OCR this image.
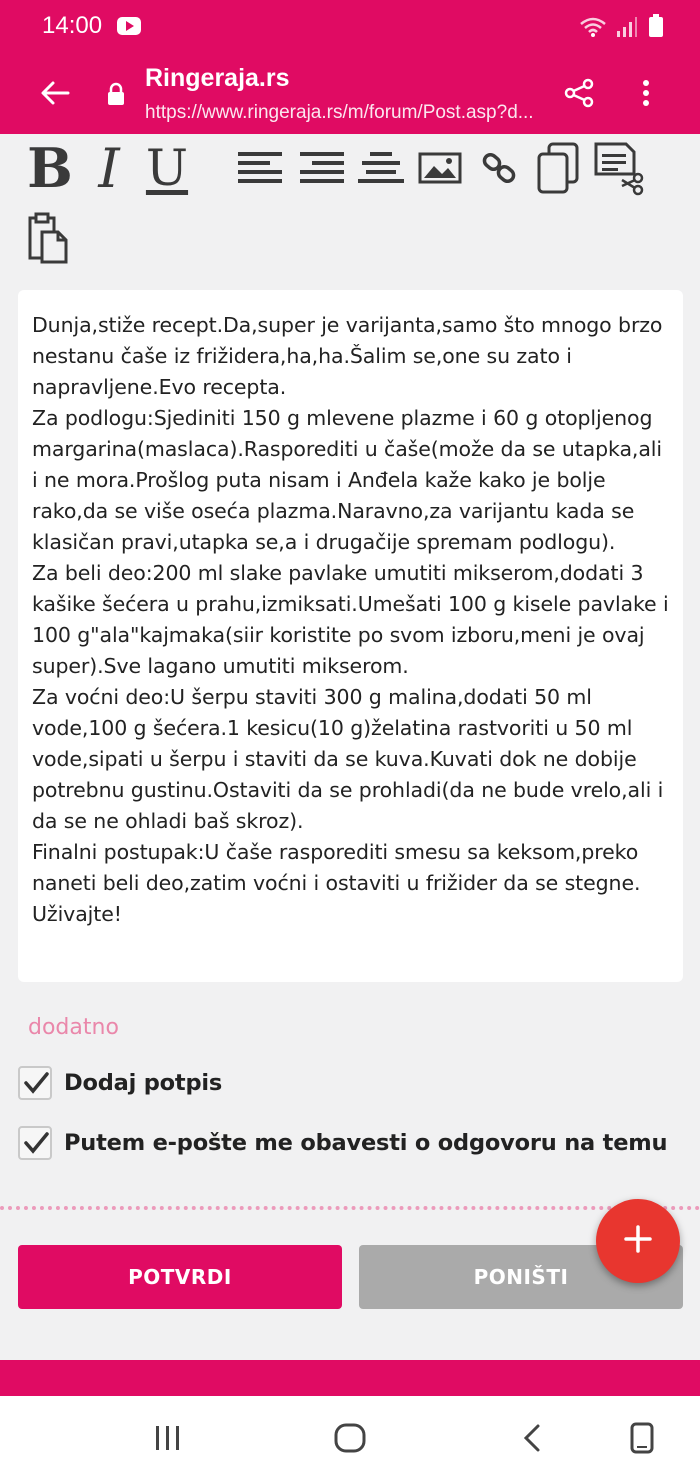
14:00
Ringeraja.rs
https://www.ringeraja.rs/m/forum/Post.asp?d...
B I U
Dunja,stiže recept.Da,super je varijanta,samo što mnogo brzo nestanu čaše iz frižidera,ha,ha.Šalim se,one su zato i napravljene.Evo recepta.
Za podlogu:Sjediniti 150 g mlevene plazme i 60 g otopljenog margarina(maslaca).Rasporediti u čaše(može da se utapka,ali i ne mora.Prošlog puta nisam i Anđela kaže kako je bolje rako,da se više oseća plazma.Naravno,za varijantu kada se klasičan pravi,utapka se,a i drugačije spremam podlogu).
Za beli deo:200 ml slake pavlake umutiti mikserom,dodati 3 kašike šećera u prahu,izmiksati.Umešati 100 g kisele pavlake i 100 g"ala"kajmaka(siir koristite po svom izboru,meni je ovaj super).Sve lagano umutiti mikserom.
Za voćni deo:U šerpu staviti 300 g malina,dodati 50 ml vode,100 g šećera.1 kesicu(10 g)želatina rastvoriti u 50 ml vode,sipati u šerpu i staviti da se kuva.Kuvati dok ne dobije potrebnu gustinu.Ostaviti da se prohladi(da ne bude vrelo,ali i da se ne ohladi baš skroz).
Finalni postupak:U čaše rasporediti smesu sa keksom,preko naneti beli deo,zatim voćni i ostaviti u frižider da se stegne.
Uživajte!
dodatno
Dodaj potpis
Putem e-pošte me obavesti o odgovoru na temu
POTVRDI	PONIŠTI
